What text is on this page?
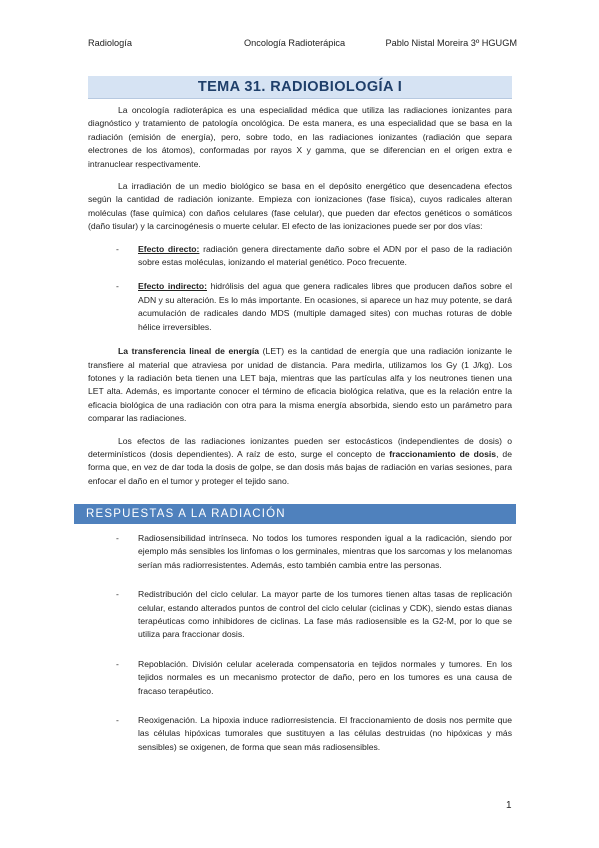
Radiología	Oncología Radioterápica	Pablo Nistal Moreira 3º HGUGM
TEMA 31. RADIOBIOLOGÍA I

La oncología radioterápica es una especialidad médica que utiliza las radiaciones ionizantes para diagnóstico y tratamiento de patología oncológica. De esta manera, es una especialidad que se basa en la radiación (emisión de energía), pero, sobre todo, en las radiaciones ionizantes (radiación que separa electrones de los átomos), conformadas por rayos X y gamma, que se diferencian en el origen extra e intranuclear respectivamente.

La irradiación de un medio biológico se basa en el depósito energético que desencadena efectos según la cantidad de radiación ionizante. Empieza con ionizaciones (fase física), cuyos radicales alteran moléculas (fase química) con daños celulares (fase celular), que pueden dar efectos genéticos o somáticos (daño tisular) y la carcinogénesis o muerte celular. El efecto de las ionizaciones puede ser por dos vías:

- Efecto directo: radiación genera directamente daño sobre el ADN por el paso de la radiación sobre estas moléculas, ionizando el material genético. Poco frecuente.
- Efecto indirecto: hidrólisis del agua que genera radicales libres que producen daños sobre el ADN y su alteración. Es lo más importante. En ocasiones, si aparece un haz muy potente, se dará acumulación de radicales dando MDS (multiple damaged sites) con muchas roturas de doble hélice irreversibles.

La transferencia lineal de energía (LET) es la cantidad de energía que una radiación ionizante le transfiere al material que atraviesa por unidad de distancia. Para medirla, utilizamos los Gy (1 J/kg). Los fotones y la radiación beta tienen una LET baja, mientras que las partículas alfa y los neutrones tienen una LET alta. Además, es importante conocer el término de eficacia biológica relativa, que es la relación entre la eficacia biológica de una radiación con otra para la misma energía absorbida, siendo esto un parámetro para comparar las radiaciones.

Los efectos de las radiaciones ionizantes pueden ser estocásticos (independientes de dosis) o determinísticos (dosis dependientes). A raíz de esto, surge el concepto de fraccionamiento de dosis, de forma que, en vez de dar toda la dosis de golpe, se dan dosis más bajas de radiación en varias sesiones, para enfocar el daño en el tumor y proteger el tejido sano.

RESPUESTAS A LA RADIACIÓN
- Radiosensibilidad intrínseca. No todos los tumores responden igual a la radicación, siendo por ejemplo más sensibles los linfomas o los germinales, mientras que los sarcomas y los melanomas serían más radiorresistentes. Además, esto también cambia entre las personas.
- Redistribución del ciclo celular. La mayor parte de los tumores tienen altas tasas de replicación celular, estando alterados puntos de control del ciclo celular (ciclinas y CDK), siendo estas dianas terapéuticas como inhibidores de ciclinas. La fase más radiosensible es la G2-M, por lo que se utiliza para fraccionar dosis.
- Repoblación. División celular acelerada compensatoria en tejidos normales y tumores. En los tejidos normales es un mecanismo protector de daño, pero en los tumores es una causa de fracaso terapéutico.
- Reoxigenación. La hipoxia induce radiorresistencia. El fraccionamiento de dosis nos permite que las células hipóxicas tumorales que sustituyen a las células destruidas (no hipóxicas y más sensibles) se oxigenen, de forma que sean más radiosensibles.
1
